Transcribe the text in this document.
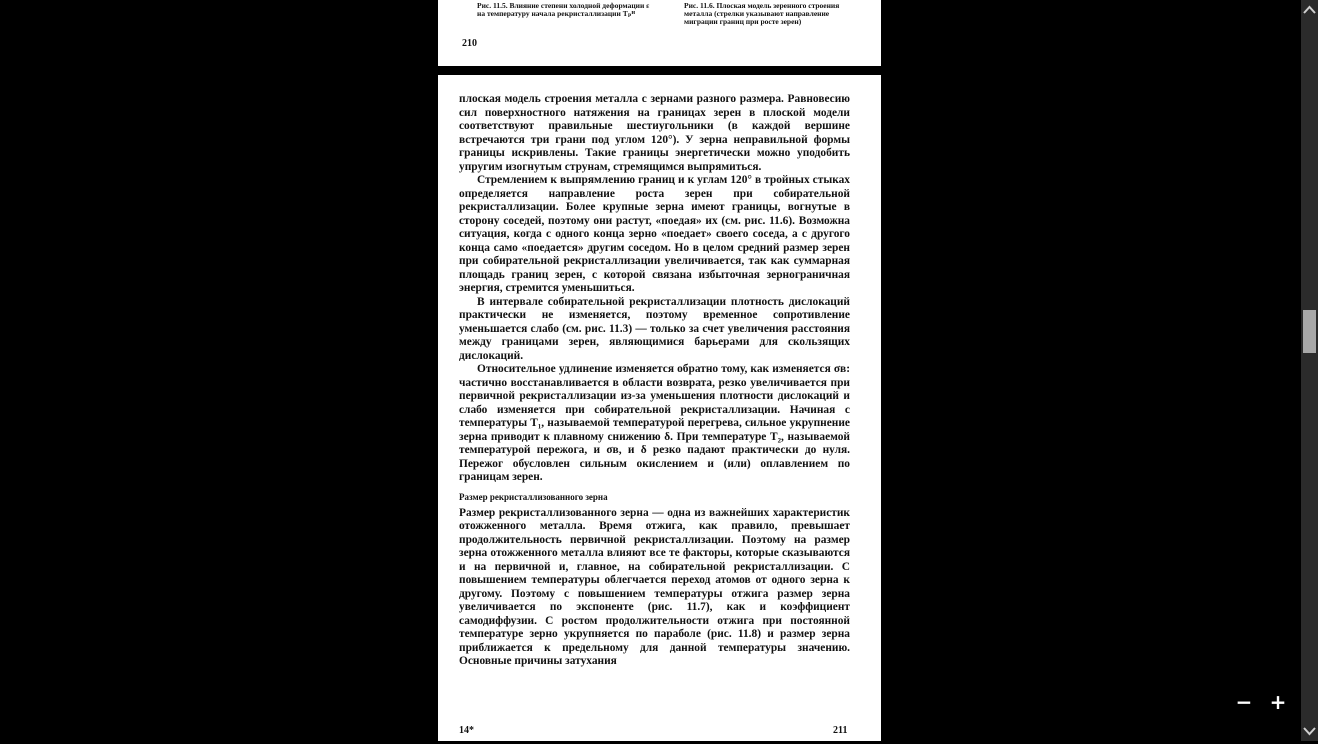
Рис. 11.5. Влияние степени холодной деформации ε на температуру начала рекристаллизации Tₚᴴ
Рис. 11.6. Плоская модель зеренного строения металла (стрелки указывают направление миграции границ при росте зерен)
210

плоская модель строения металла с зернами разного размера. Равновесию сил поверхностного натяжения на границах зерен в плоской модели соответствуют правильные шестиугольники (в каждой вершине встречаются три грани под углом 120°). У зерна неправильной формы границы искривлены. Такие границы энергетически можно уподобить упругим изогнутым струнам, стремящимся выпрямиться.

Стремлением к выпрямлению границ и к углам 120° в тройных стыках определяется направление роста зерен при собирательной рекристаллизации. Более крупные зерна имеют границы, вогнутые в сторону соседей, поэтому они растут, «поедая» их (см. рис. 11.6). Возможна ситуация, когда с одного конца зерно «поедает» своего соседа, а с другого конца само «поедается» другим соседом. Но в целом средний размер зерен при собирательной рекристаллизации увеличивается, так как суммарная площадь границ зерен, с которой связана избыточная зернограничная энергия, стремится уменьшиться.

В интервале собирательной рекристаллизации плотность дислокаций практически не изменяется, поэтому временное сопротивление уменьшается слабо (см. рис. 11.3) — только за счет увеличения расстояния между границами зерен, являющимися барьерами для скользящих дислокаций.

Относительное удлинение изменяется обратно тому, как изменяется σв: частично восстанавливается в области возврата, резко увеличивается при первичной рекристаллизации из-за уменьшения плотности дислокаций и слабо изменяется при собирательной рекристаллизации. Начиная с температуры T₁, называемой температурой перегрева, сильное укрупнение зерна приводит к плавному снижению δ. При температуре T₂, называемой температурой пережога, и σв, и δ резко падают практически до нуля. Пережог обусловлен сильным окислением и (или) оплавлением по границам зерен.

Размер рекристаллизованного зерна

Размер рекристаллизованного зерна — одна из важнейших характеристик отожженного металла. Время отжига, как правило, превышает продолжительность первичной рекристаллизации. Поэтому на размер зерна отожженного металла влияют все те факторы, которые сказываются и на первичной и, главное, на собирательной рекристаллизации. С повышением температуры облегчается переход атомов от одного зерна к другому. Поэтому с повышением температуры отжига размер зерна увеличивается по экспоненте (рис. 11.7), как и коэффициент самодиффузии. С ростом продолжительности отжига при постоянной температуре зерно укрупняется по параболе (рис. 11.8) и размер зерна приближается к предельному для данной температуры значению. Основные причины затухания

14*	211
− +
